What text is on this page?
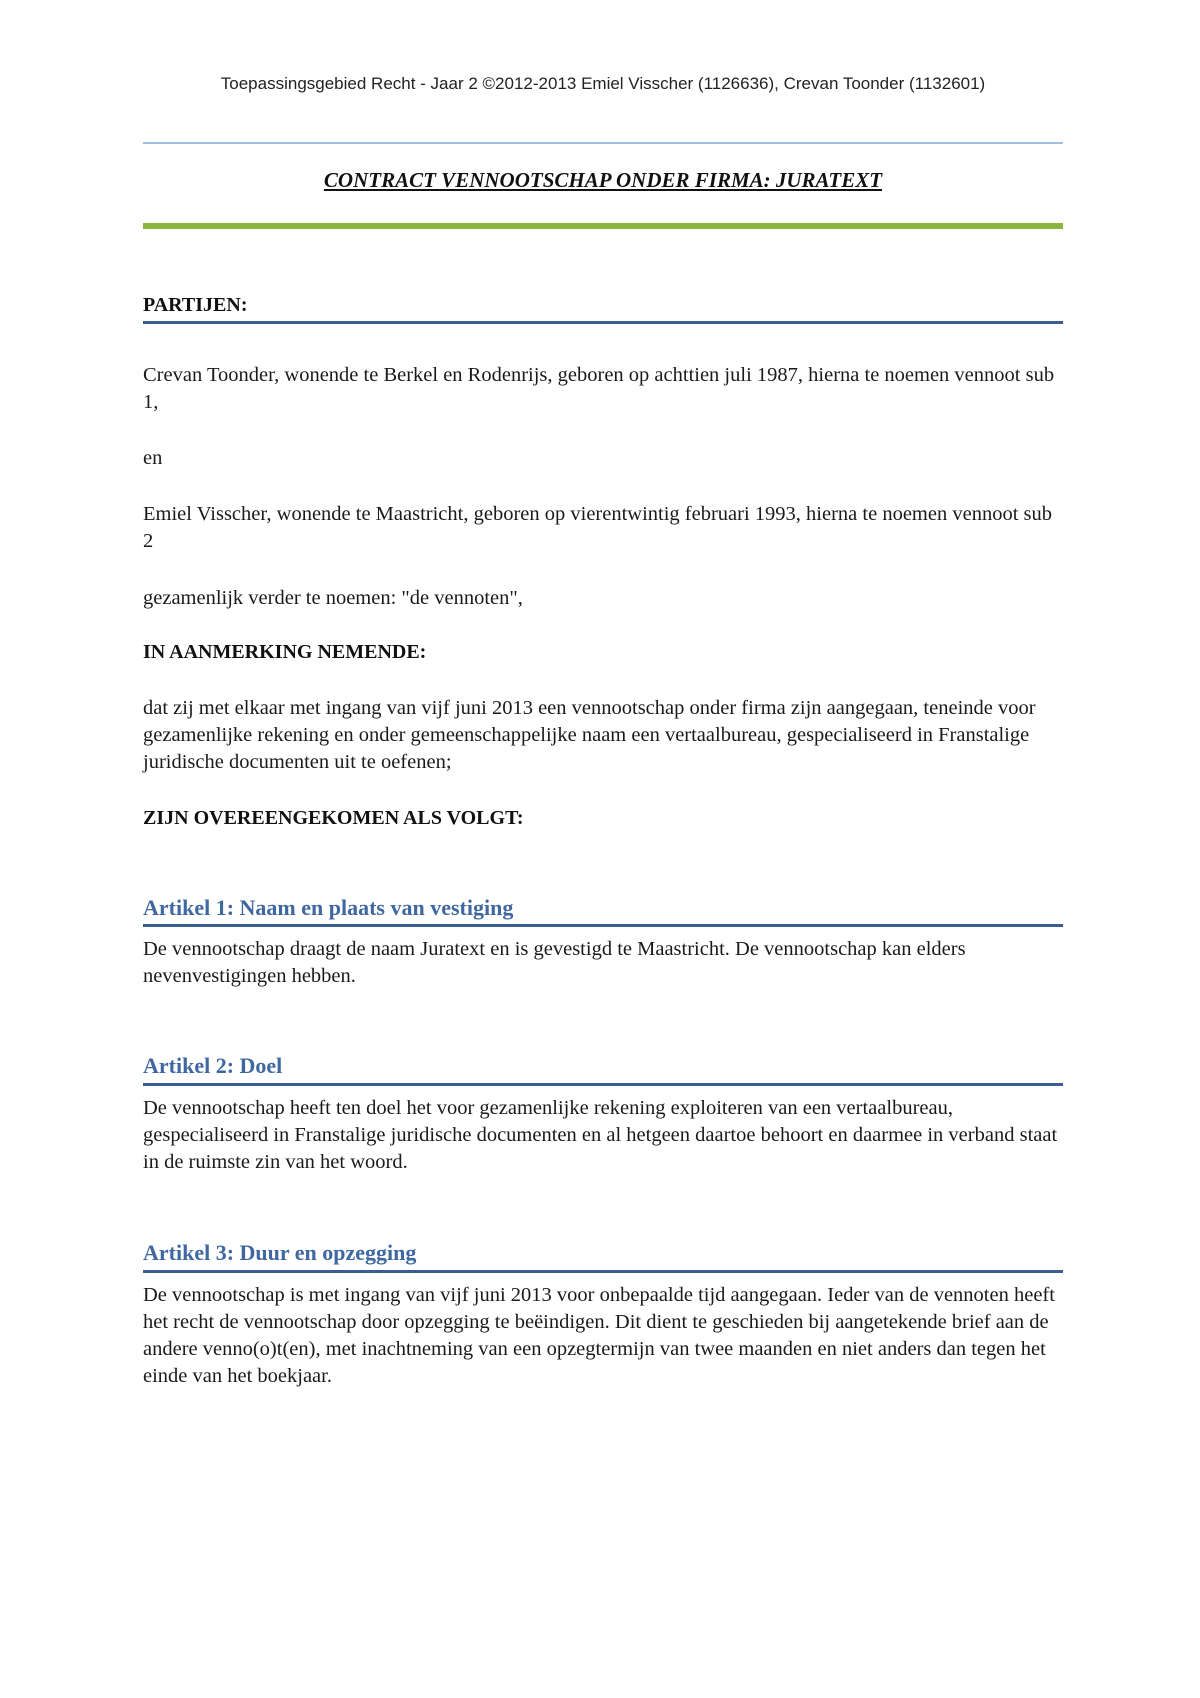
Toepassingsgebied Recht - Jaar 2 ©2012-2013 Emiel Visscher (1126636), Crevan Toonder (1132601)
CONTRACT VENNOOTSCHAP ONDER FIRMA: JURATEXT
PARTIJEN:
Crevan Toonder, wonende te Berkel en Rodenrijs, geboren op achttien juli 1987, hierna te noemen vennoot sub 1,
en
Emiel Visscher, wonende te Maastricht, geboren op vierentwintig februari 1993, hierna te noemen vennoot sub 2
gezamenlijk verder te noemen: "de vennoten",
IN AANMERKING NEMENDE:
dat zij met elkaar met ingang van vijf juni 2013 een vennootschap onder firma zijn aangegaan, teneinde voor gezamenlijke rekening en onder gemeenschappelijke naam een vertaalbureau, gespecialiseerd in Franstalige juridische documenten uit te oefenen;
ZIJN OVEREENGEKOMEN ALS VOLGT:
Artikel 1: Naam en plaats van vestiging
De vennootschap draagt de naam Juratext en is gevestigd te Maastricht. De vennootschap kan elders nevenvestigingen hebben.
Artikel 2: Doel
De vennootschap heeft ten doel het voor gezamenlijke rekening exploiteren van een vertaalbureau, gespecialiseerd in Franstalige juridische documenten en al hetgeen daartoe behoort en daarmee in verband staat in de ruimste zin van het woord.
Artikel 3: Duur en opzegging
De vennootschap is met ingang van vijf juni 2013 voor onbepaalde tijd aangegaan. Ieder van de vennoten heeft het recht de vennootschap door opzegging te beëindigen. Dit dient te geschieden bij aangetekende brief aan de andere venno(o)t(en), met inachtneming van een opzegtermijn van twee maanden en niet anders dan tegen het einde van het boekjaar.
